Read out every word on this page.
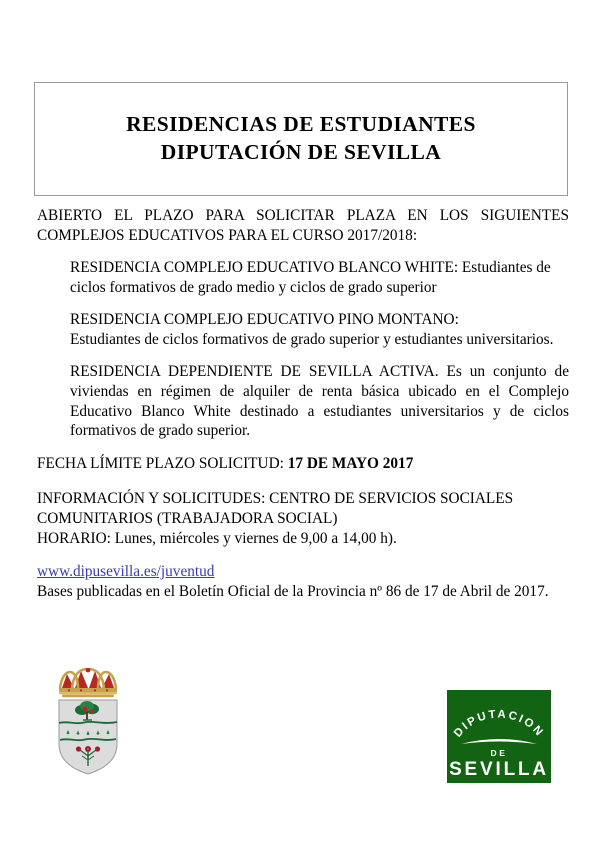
RESIDENCIAS DE ESTUDIANTES
DIPUTACIÓN DE SEVILLA

ABIERTO EL PLAZO PARA SOLICITAR PLAZA EN LOS SIGUIENTES COMPLEJOS EDUCATIVOS PARA EL CURSO 2017/2018:

RESIDENCIA COMPLEJO EDUCATIVO BLANCO WHITE: Estudiantes de ciclos formativos de grado medio y ciclos de grado superior

RESIDENCIA COMPLEJO EDUCATIVO PINO MONTANO:
Estudiantes de ciclos formativos de grado superior y estudiantes universitarios.

RESIDENCIA DEPENDIENTE DE SEVILLA ACTIVA. Es un conjunto de viviendas en régimen de alquiler de renta básica ubicado en el Complejo Educativo Blanco White destinado a estudiantes universitarios y de ciclos formativos de grado superior.

FECHA LÍMITE PLAZO SOLICITUD: 17 DE MAYO 2017

INFORMACIÓN Y SOLICITUDES: CENTRO DE SERVICIOS SOCIALES
COMUNITARIOS (TRABAJADORA SOCIAL)
HORARIO: Lunes, miércoles y viernes de 9,00 a 14,00 h).

www.dipusevilla.es/juventud
Bases publicadas en el Boletín Oficial de la Provincia nº 86 de 17 de Abril de 2017.

DIPUTACION
DE
SEVILLA
